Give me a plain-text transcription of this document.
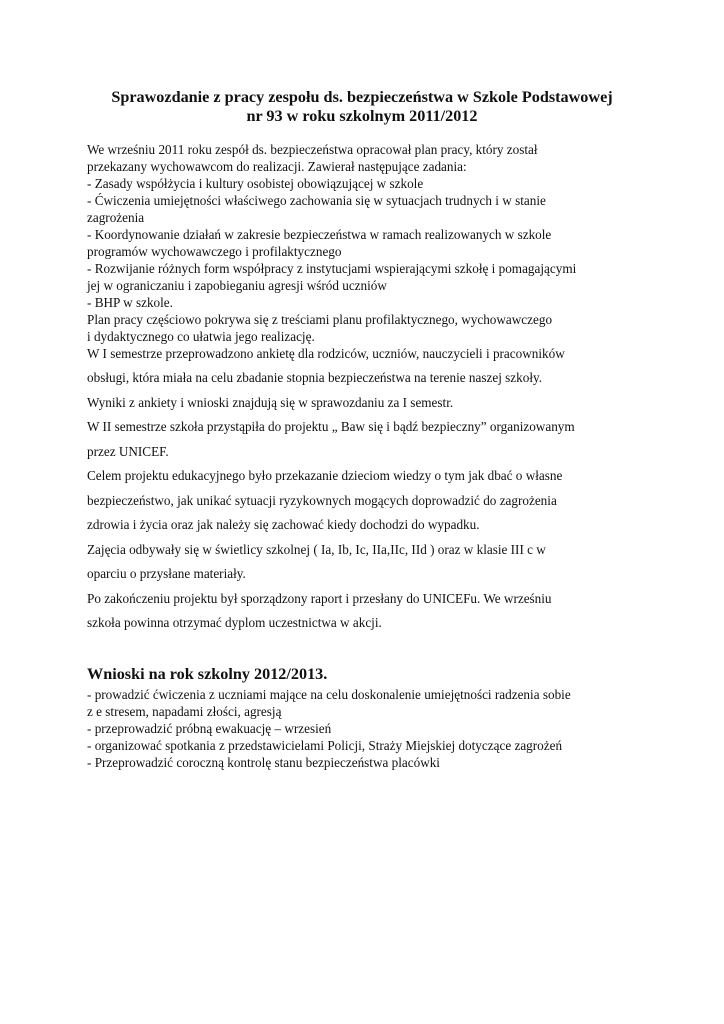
Sprawozdanie z pracy zespołu ds. bezpieczeństwa w Szkole Podstawowej
nr 93 w roku szkolnym 2011/2012
We wrześniu 2011 roku zespół ds. bezpieczeństwa opracował plan pracy, który został
przekazany wychowawcom do realizacji. Zawierał następujące zadania:
- Zasady współżycia i kultury osobistej obowiązującej w szkole
- Ćwiczenia umiejętności właściwego zachowania się w sytuacjach trudnych i w stanie
zagrożenia
- Koordynowanie działań w zakresie bezpieczeństwa w ramach realizowanych w szkole
programów wychowawczego i profilaktycznego
- Rozwijanie różnych form współpracy z instytucjami wspierającymi szkołę i pomagającymi
jej w ograniczaniu i zapobieganiu agresji wśród uczniów
- BHP w szkole.
Plan pracy częściowo pokrywa się z treściami planu profilaktycznego, wychowawczego
i dydaktycznego co ułatwia jego realizację.
W I semestrze przeprowadzono ankietę dla rodziców, uczniów, nauczycieli i pracowników
obsługi, która miała na celu zbadanie stopnia bezpieczeństwa na terenie naszej szkoły.
Wyniki z ankiety i wnioski znajdują się w sprawozdaniu za I semestr.
W II semestrze szkoła przystąpiła do projektu „ Baw się i bądź bezpieczny” organizowanym
przez UNICEF.
Celem projektu edukacyjnego było przekazanie dzieciom wiedzy o tym jak dbać o własne
bezpieczeństwo, jak unikać sytuacji ryzykownych mogących doprowadzić do zagrożenia
zdrowia i życia oraz jak należy się zachować kiedy dochodzi do wypadku.
Zajęcia odbywały się w świetlicy szkolnej ( Ia, Ib, Ic, IIa,IIc, IId ) oraz w klasie III c w
oparciu o przysłane materiały.
Po zakończeniu projektu był sporządzony raport i przesłany do UNICEFu. We wrześniu
szkoła powinna otrzymać dyplom uczestnictwa w akcji.
Wnioski na rok szkolny 2012/2013.
- prowadzić ćwiczenia z uczniami mające na celu doskonalenie umiejętności radzenia sobie
z e stresem, napadami złości, agresją
- przeprowadzić próbną ewakuację – wrzesień
- organizować spotkania z przedstawicielami Policji, Straży Miejskiej dotyczące zagrożeń
- Przeprowadzić coroczną kontrolę stanu bezpieczeństwa placówki
